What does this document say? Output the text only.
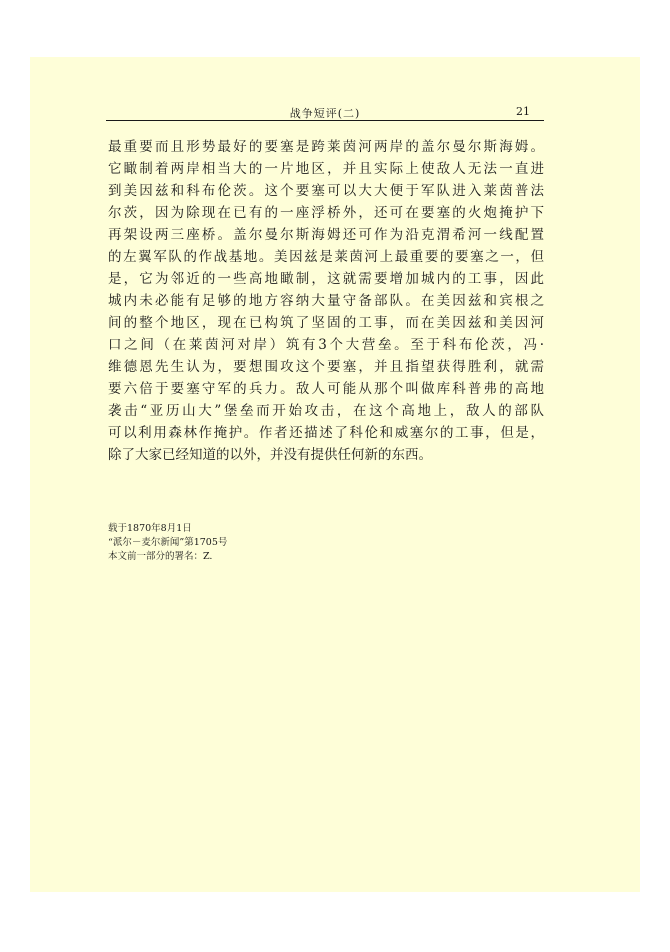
战争短评(二)	21
最重要而且形势最好的要塞是跨莱茵河两岸的盖尔曼尔斯海姆。
它瞰制着两岸相当大的一片地区，并且实际上使敌人无法一直进
到美因兹和科布伦茨。这个要塞可以大大便于军队进入莱茵普法
尔茨，因为除现在已有的一座浮桥外，还可在要塞的火炮掩护下
再架设两三座桥。盖尔曼尔斯海姆还可作为沿克渭希河一线配置
的左翼军队的作战基地。美因兹是莱茵河上最重要的要塞之一，但
是，它为邻近的一些高地瞰制，这就需要增加城内的工事，因此
城内未必能有足够的地方容纳大量守备部队。在美因兹和宾根之
间的整个地区，现在已构筑了坚固的工事，而在美因兹和美因河
口之间（在莱茵河对岸）筑有3个大营垒。至于科布伦茨，冯·
维德恩先生认为，要想围攻这个要塞，并且指望获得胜利，就需
要六倍于要塞守军的兵力。敌人可能从那个叫做库科普弗的高地
袭击“亚历山大”堡垒而开始攻击，在这个高地上，敌人的部队
可以利用森林作掩护。作者还描述了科伦和威塞尔的工事，但是，
除了大家已经知道的以外，并没有提供任何新的东西。
载于1870年8月1日
“派尔－麦尔新闻”第1705号
本文前一部分的署名：Z.
